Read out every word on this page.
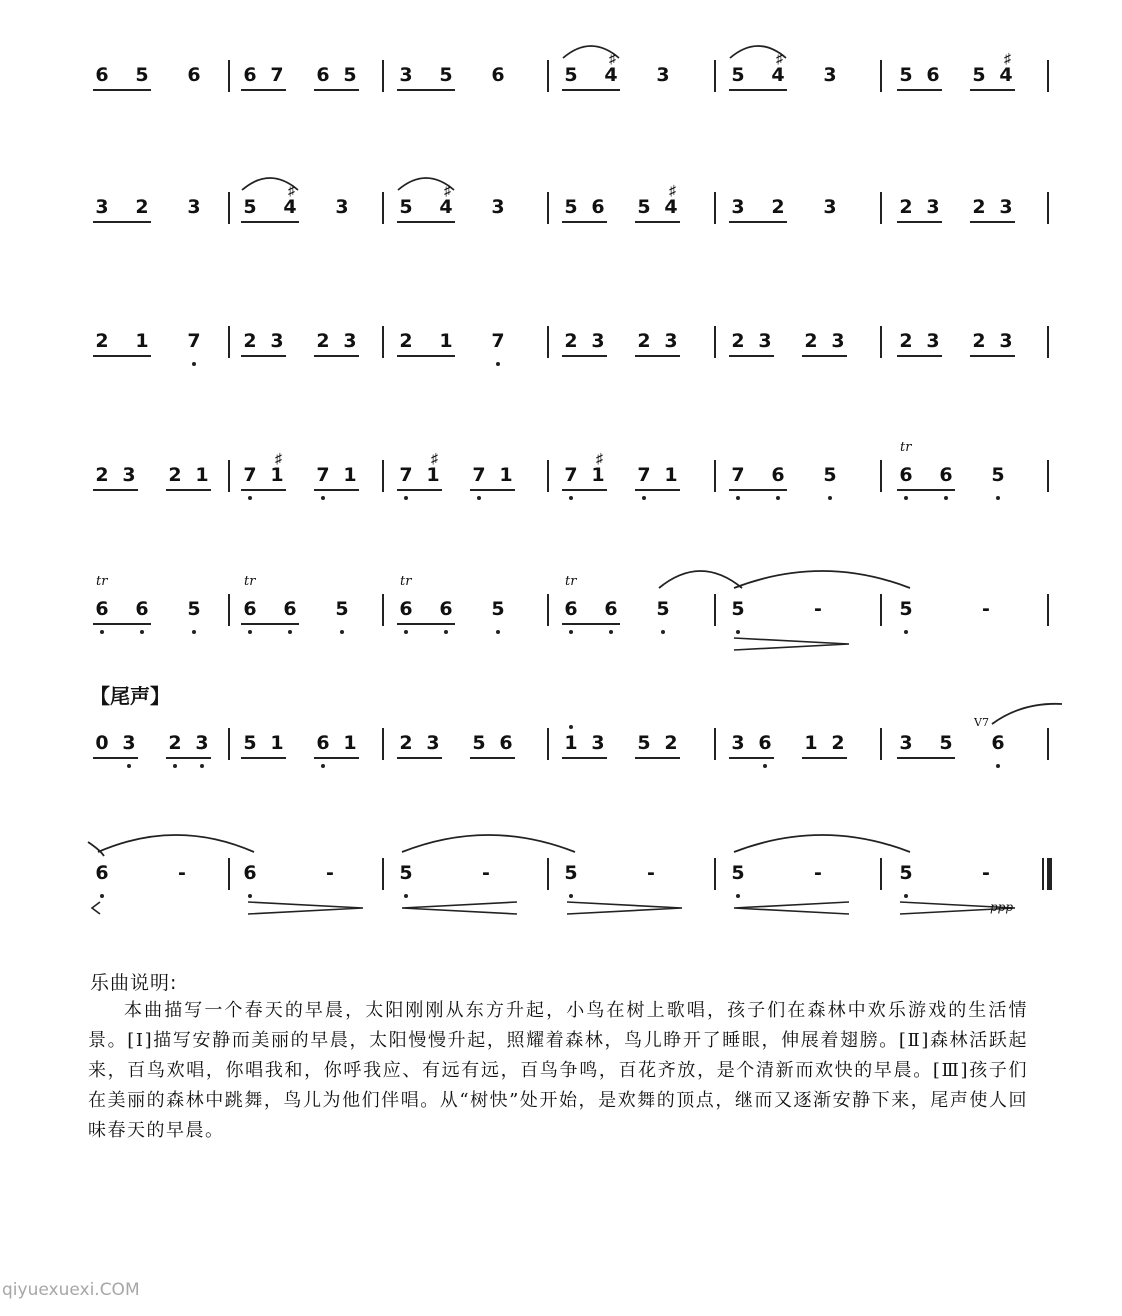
6 5 6 6 7 6 5 3 5 6	5 4
♯
3	5 4
♯
3	5 6 5 4
♯
3 2 3 5 4
♯
3	5 4
♯
3	5 6 5 4
♯
3 2 3	2 3 2 3
2 1 7 2 3 2 3 2 1 7	2 3 2 3	2 3 2 3	2 3 2 3
2 3 2 1 7 1
♯
7 1 7 1
♯
7 1	7 1
♯
7 1	7 6 5	6
tr
6 5
6
tr
6 5 6
tr
6 5	6
tr
6 5	6
tr
6 5	5	-	5	-
0 3 2 3 5 1 6 1 2 3 5 6	1 3 5 2	3 6 1 2	3 5 6
V7
6	-	6	-	5	-	5	-	5	-	5	-
ppp
【尾声】
乐曲说明:
本曲描写一个春天的早晨，太阳刚刚从东方升起，小鸟在树上歌唱，孩子们在森林中欢乐游戏的生活情景。[Ⅰ]描写安静而美丽的早晨，太阳慢慢升起，照耀着森林，鸟儿睁开了睡眼，伸展着翅膀。[Ⅱ]森林活跃起来，百鸟欢唱，你唱我和，你呼我应、有远有远，百鸟争鸣，百花齐放，是个清新而欢快的早晨。[Ⅲ]孩子们在美丽的森林中跳舞，鸟儿为他们伴唱。从“树快”处开始，是欢舞的顶点，继而又逐渐安静下来，尾声使人回味春天的早晨。
qiyuexuexi.COM
